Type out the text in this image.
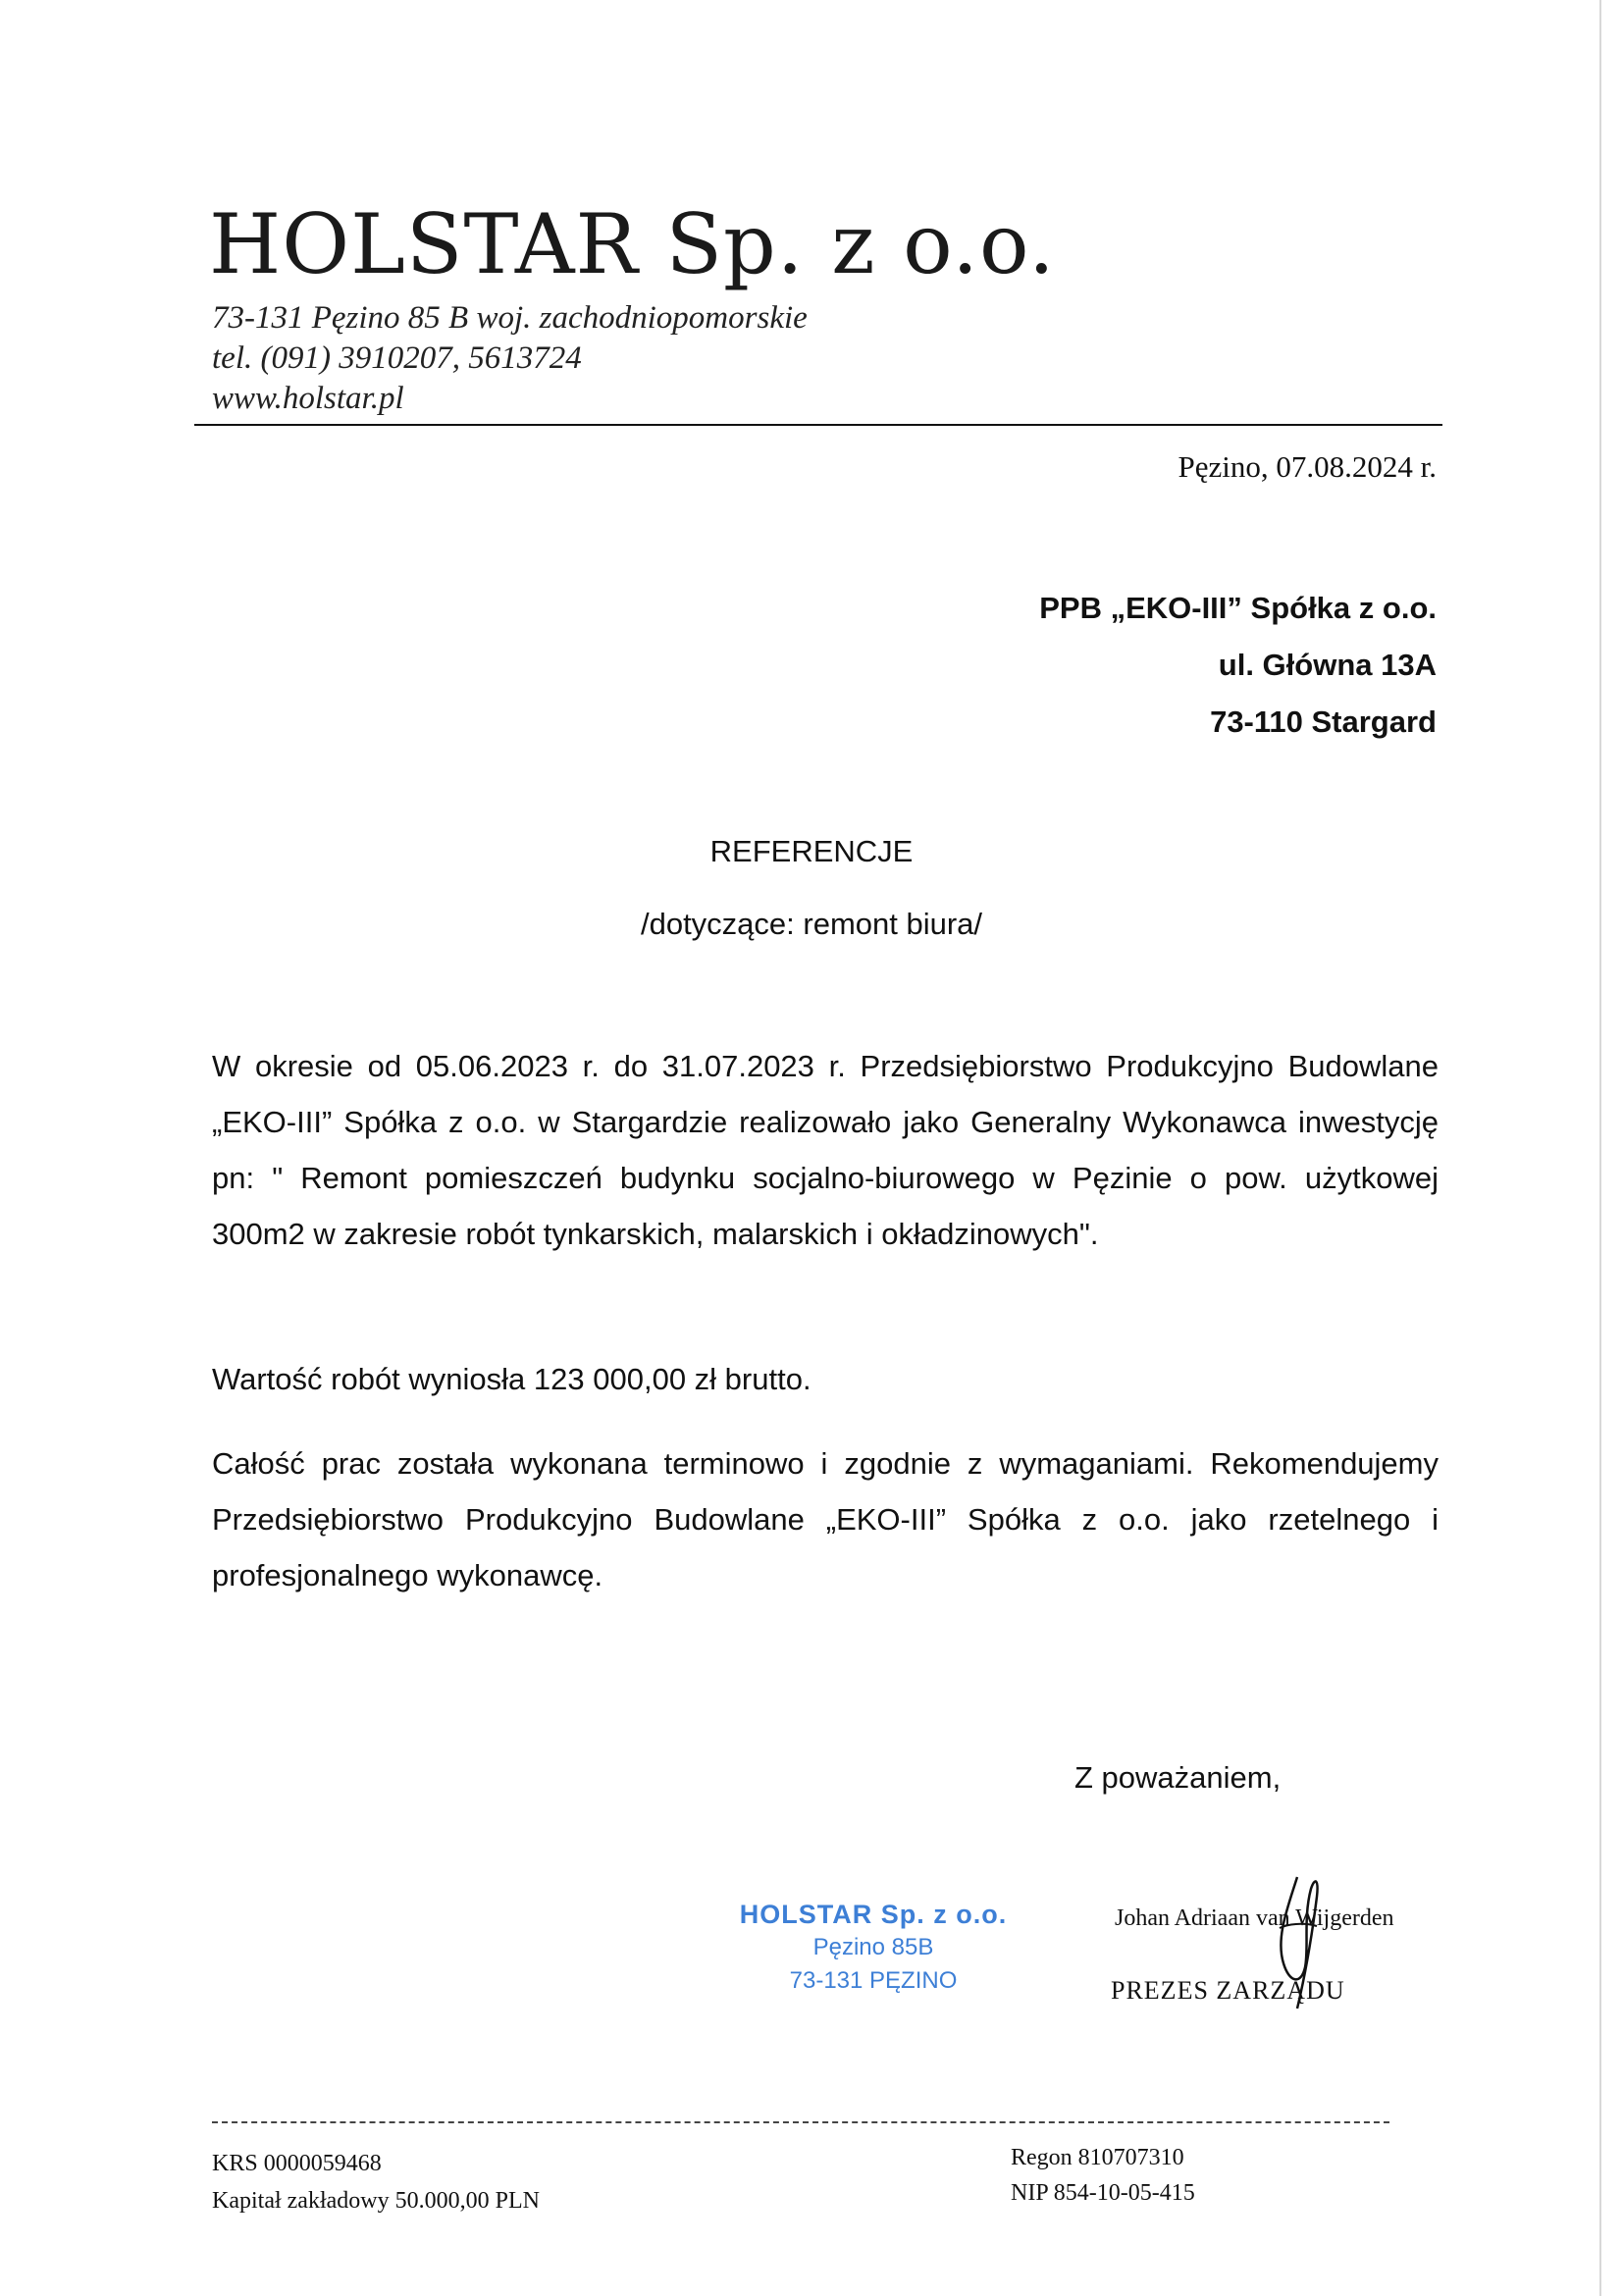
HOLSTAR Sp. z o.o.
73-131 Pęzino 85 B woj. zachodniopomorskie
tel. (091) 3910207, 5613724
www.holstar.pl
Pęzino, 07.08.2024 r.
PPB „EKO-III” Spółka z o.o.
ul. Główna 13A
73-110 Stargard
REFERENCJE
/dotyczące: remont biura/

W okresie od 05.06.2023 r. do 31.07.2023 r. Przedsiębiorstwo Produkcyjno Budowlane „EKO-III” Spółka z o.o. w Stargardzie realizowało jako Generalny Wykonawca inwestycję pn: " Remont pomieszczeń budynku socjalno-biurowego w Pęzinie o pow. użytkowej 300m2 w zakresie robót tynkarskich, malarskich i okładzinowych".

Wartość robót wyniosła 123 000,00 zł brutto.

Całość prac została wykonana terminowo i zgodnie z wymaganiami. Rekomendujemy Przedsiębiorstwo Produkcyjno Budowlane „EKO-III” Spółka z o.o. jako rzetelnego i profesjonalnego wykonawcę.

Z poważaniem,
HOLSTAR Sp. z o.o.
Pęzino 85B
73-131 PĘZINO
Johan Adriaan van Wijgerden
PREZES ZARZĄDU
KRS 0000059468
Kapitał zakładowy 50.000,00 PLN
Regon 810707310
NIP 854-10-05-415
